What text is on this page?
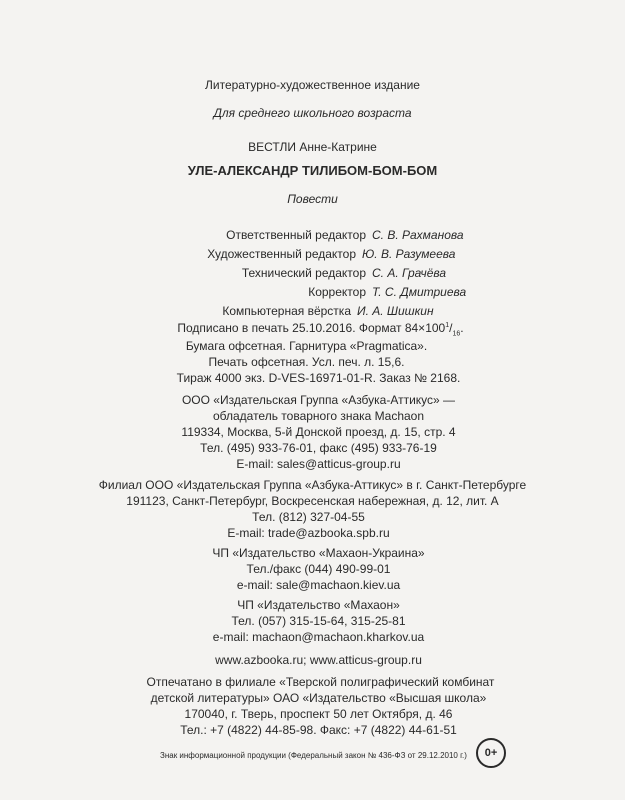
Литературно-художественное издание
Для среднего школьного возраста
ВЕСТЛИ Анне-Катрине
УЛЕ-АЛЕКСАНДР ТИЛИБОМ-БОМ-БОМ
Повести
Ответственный редактор С. В. Рахманова
Художественный редактор Ю. В. Разумеева
Технический редактор С. А. Грачёва
Корректор Т. С. Дмитриева
Компьютерная вёрстка И. А. Шишкин
Подписано в печать 25.10.2016. Формат $84\times 100^1/_{16}$.
Бумага офсетная. Гарнитура «Pragmatica».
Печать офсетная. Усл. печ. л. 15,6.
Тираж 4000 экз. D-VES-16971-01-R. Заказ № 2168.
ООО «Издательская Группа «Азбука-Аттикус» —
обладатель товарного знака Machaon
119334, Москва, 5-й Донской проезд, д. 15, стр. 4
Тел. (495) 933-76-01, факс (495) 933-76-19
E-mail: sales@atticus-group.ru
Филиал ООО «Издательская Группа «Азбука-Аттикус» в г. Санкт-Петербурге
191123, Санкт-Петербург, Воскресенская набережная, д. 12, лит. А
Тел. (812) 327-04-55
E-mail: trade@azbooka.spb.ru
ЧП «Издательство «Махаон-Украина»
Тел./факс (044) 490-99-01
e-mail: sale@machaon.kiev.ua
ЧП «Издательство «Махаон»
Тел. (057) 315-15-64, 315-25-81
e-mail: machaon@machaon.kharkov.ua
www.azbooka.ru; www.atticus-group.ru
Отпечатано в филиале «Тверской полиграфический комбинат
детской литературы» ОАО «Издательство «Высшая школа»
170040, г. Тверь, проспект 50 лет Октября, д. 46
Тел.: +7 (4822) 44-85-98. Факс: +7 (4822) 44-61-51
Знак информационной продукции (Федеральный закон № 436-ФЗ от 29.12.2010 г.)	0+
